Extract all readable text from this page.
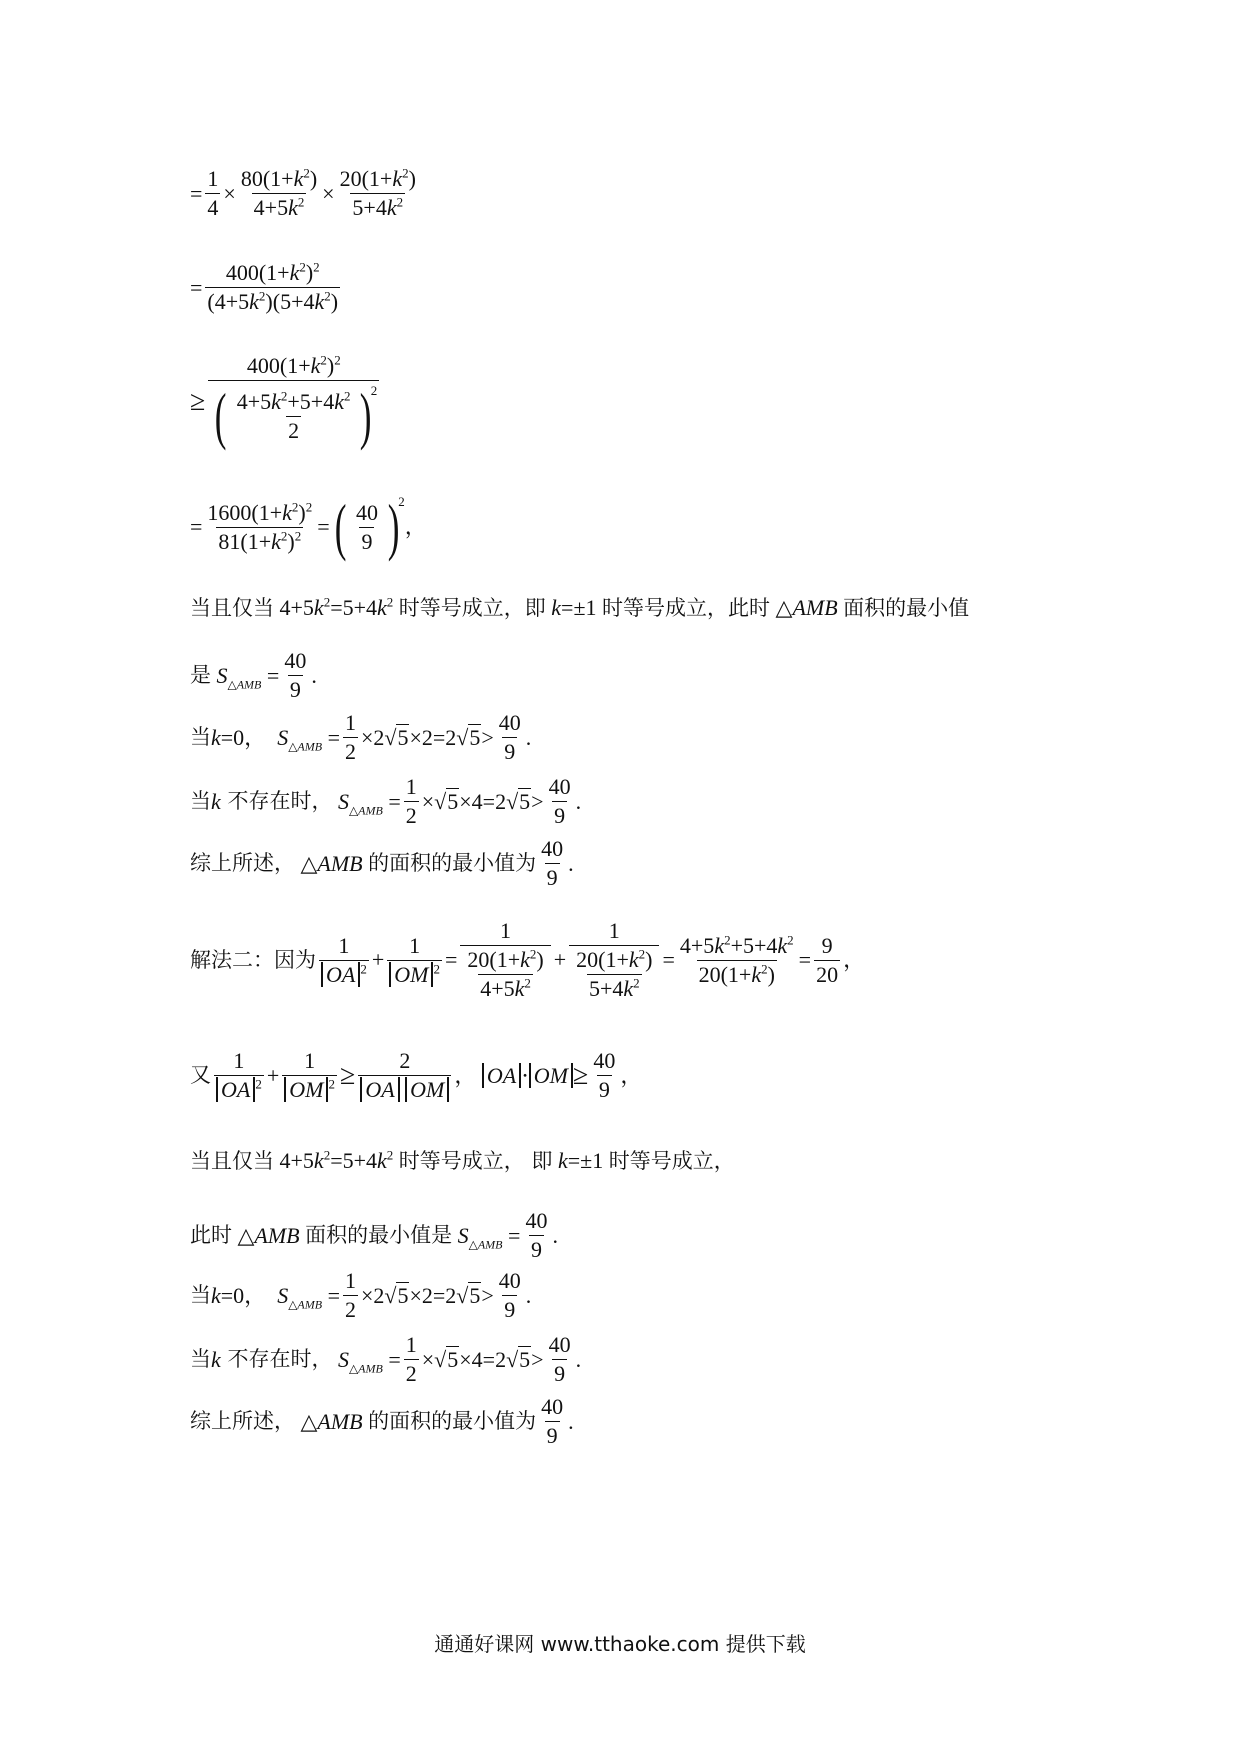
= $\frac{1}{4} \times \frac{80(1+k^2)}{4+5k^2} \times \frac{20(1+k^2)}{5+4k^2}$
= $\frac{400(1+k^2)^2}{(4+5k^2)(5+4k^2)}$
≥ $400(1+k^2)^2$
( $\frac{4+5k^2+5+4k^2}{2}$ )
2
= $\frac{1600(1+k^2)^2}{81(1+k^2)^2}$ = ( $\frac{40}{9}$ )
2
，
当且仅当 $4+5k^2=5+4k^2$ 时等号成立，即 k=±1 时等号成立，此时 △AMB 面积的最小值
是 $S_{\triangle AMB} = \frac{40}{9}$ .
当 k=0，  $S_{\triangle AMB} = \frac{1}{2} \times 2√5\times 2=2√5> \frac{40}{9}$ .
当 k
不存在时， $S_{\triangle AMB} = \frac{1}{2} \times√5\times 4=2√5> \frac{40}{9}$ .
综上所述， △AMB 的面积的最小值为 $\frac{40}{9}$ .
解法二：因为 $\frac{1}{OA ^2} + \frac{1}{OM ^2} = \frac{1}{\frac{20(1+k^2)}{4+5k^2}} + \frac{1}{\frac{20(1+k^2)}{5+4k^2}} = \frac{4+5k^2+5+4k^2}{20(1+k^2)} = \frac{9}{20}$ ，
又 $\frac{1}{OA ^2} + \frac{1}{OM ^2} \ge \frac{2}{\text{OA OM}}$ ， OA ⋅ OM ≥ $\frac{40}{9}$ ，
当且仅当 $4+5k^2=5+4k^2$ 时等号成立，
即 k=±1 时等号成立，
此时 △AMB 面积的最小值是 $S_{\triangle AMB} = \frac{40}{9}$ .
当 k=0，  $S_{\triangle AMB} = \frac{1}{2} \times 2√5\times 2=2√5> \frac{40}{9}$ .
当 k
不存在时， $S_{\triangle AMB} = \frac{1}{2} \times√5\times 4=2√5> \frac{40}{9}$ .
综上所述， △AMB 的面积的最小值为 $\frac{40}{9}$ .
通通好课网 www.tthaoke.com 提供下载
